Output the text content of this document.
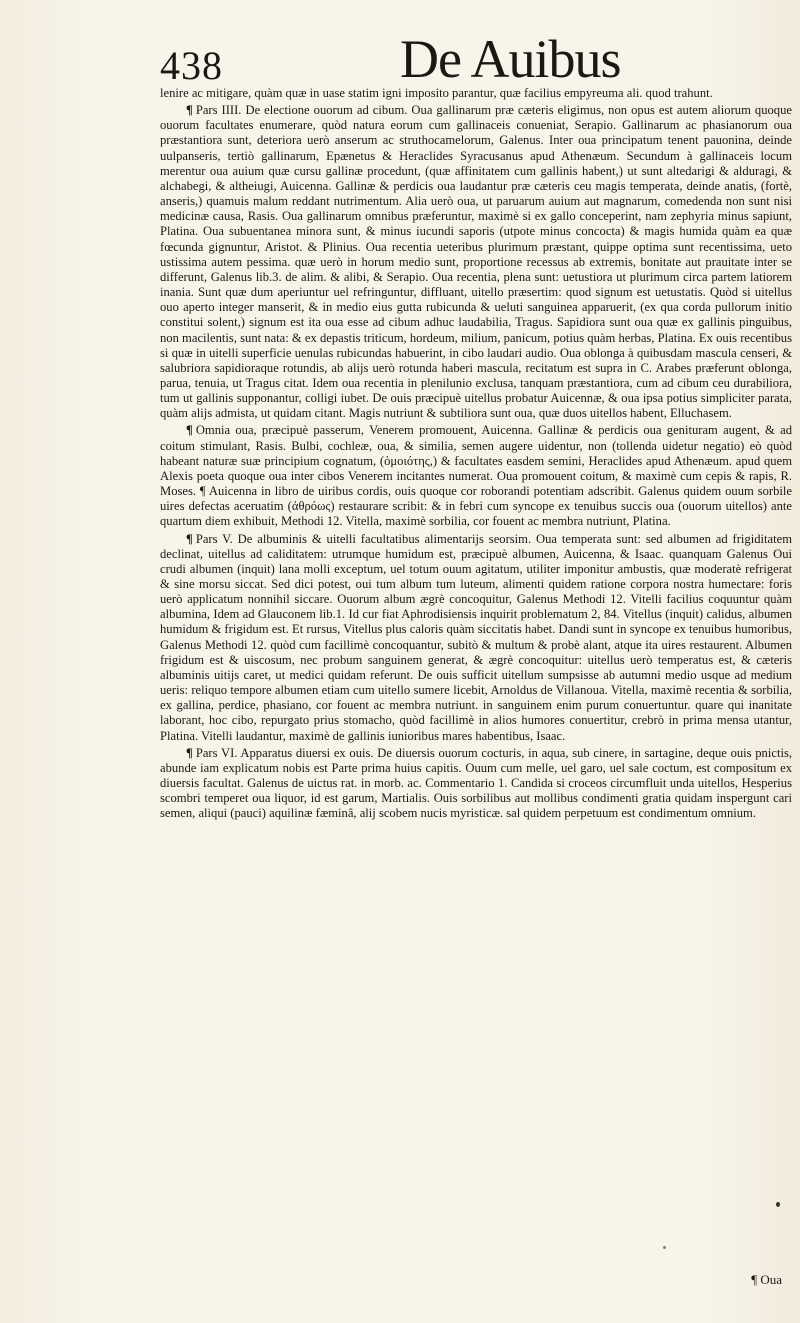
438	De Auibus

lenire ac mitigare, quàm quæ in uase statim igni imposito parantur, quæ facilius empyreuma ali. quod trahunt.

¶ Pars IIII. De electione ouorum ad cibum. Oua gallinarum præ cæteris eligimus, non opus est autem aliorum quoque ouorum facultates enumerare, quòd natura eorum cum gallinaceis conueniat, Serapio. Gallinarum ac phasianorum oua præstantiora sunt, deteriora uerò anserum ac struthocamelorum, Galenus. Inter oua principatum tenent pauonina, deinde uulpanseris, tertiò gallinarum, Epænetus & Heraclides Syracusanus apud Athenæum. Secundum à gallinaceis locum merentur oua auium quæ cursu gallinæ procedunt, (quæ affinitatem cum gallinis habent,) ut sunt altedarigi & alduragi, & alchabegi, & altheiugi, Auicenna. Gallinæ & perdicis oua laudantur præ cæteris ceu magis temperata, deinde anatis, (fortè, anseris,) quamuis malum reddant nutrimentum. Alia uerò oua, ut paruarum auium aut magnarum, comedenda non sunt nisi medicinæ causa, Rasis. Oua gallinarum omnibus præferuntur, maximè si ex gallo conceperint, nam zephyria minus sapiunt, Platina. Oua subuentanea minora sunt, & minus iucundi saporis (utpote minus concocta) & magis humida quàm ea quæ fœcunda gignuntur, Aristot. & Plinius. Oua recentia ueteribus plurimum præstant, quippe optima sunt recentissima, ueto ustissima autem pessima. quæ uerò in horum medio sunt, proportione recessus ab extremis, bonitate aut prauitate inter se differunt, Galenus lib.3. de alim. & alibi, & Serapio. Oua recentia, plena sunt: uetustiora ut plurimum circa partem latiorem inania. Sunt quæ dum aperiuntur uel refringuntur, diffluant, uitello præsertim: quod signum est uetustatis. Quòd si uitellus ouo aperto integer manserit, & in medio eius gutta rubicunda & ueluti sanguinea apparuerit, (ex qua corda pullorum initio constitui solent,) signum est ita oua esse ad cibum adhuc laudabilia, Tragus. Sapidiora sunt oua quæ ex gallinis pinguibus, non macilentis, sunt nata: & ex depastis triticum, hordeum, milium, panicum, potius quàm herbas, Platina. Ex ouis recentibus si quæ in uitelli superficie uenulas rubicundas habuerint, in cibo laudari audio. Oua oblonga à quibusdam mascula censeri, & salubriora sapidioraque rotundis, ab alijs uerò rotunda haberi mascula, recitatum est supra in C. Arabes præferunt oblonga, parua, tenuia, ut Tragus citat. Idem oua recentia in plenilunio exclusa, tanquam præstantiora, cum ad cibum ceu durabiliora, tum ut gallinis supponantur, colligi iubet. De ouis præcipuè uitellus probatur Auicennæ, & oua ipsa potius simpliciter parata, quàm alijs admista, ut quidam citant. Magis nutriunt & subtiliora sunt oua, quæ duos uitellos habent, Elluchasem.

¶ Omnia oua, præcipuè passerum, Venerem promouent, Auicenna. Gallinæ & perdicis oua genituram augent, & ad coitum stimulant, Rasis. Bulbi, cochleæ, oua, & similia, semen augere uidentur, non (tollenda uidetur negatio) eò quòd habeant naturæ suæ principium cognatum, (ὁμοιότης,) & facultates easdem semini, Heraclides apud Athenæum. apud quem Alexis poeta quoque oua inter cibos Venerem incitantes numerat. Oua promouent coitum, & maximè cum cepis & rapis, R. Moses. ¶ Auicenna in libro de uiribus cordis, ouis quoque cor roborandi potentiam adscribit. Galenus quidem ouum sorbile uires defectas aceruatim (ἀθρόως) restaurare scribit: & in febri cum syncope ex tenuibus succis oua (ouorum uitellos) ante quartum diem exhibuit, Methodi 12. Vitella, maximè sorbilia, cor fouent ac membra nutriunt, Platina.

¶ Pars V. De albuminis & uitelli facultatibus alimentarijs seorsim. Oua temperata sunt: sed albumen ad frigiditatem declinat, uitellus ad caliditatem: utrumque humidum est, præcipuè albumen, Auicenna, & Isaac. quanquam Galenus Oui crudi albumen (inquit) lana molli exceptum, uel totum ouum agitatum, utiliter imponitur ambustis, quæ moderatè refrigerat & sine morsu siccat. Sed dici potest, oui tum album tum luteum, alimenti quidem ratione corpora nostra humectare: foris uerò applicatum nonnihil siccare. Ouorum album ægrè concoquitur, Galenus Methodi 12. Vitelli facilius coquuntur quàm albumina, Idem ad Glauconem lib.1. Id cur fiat Aphrodisiensis inquirit problematum 2, 84. Vitellus (inquit) calidus, albumen humidum & frigidum est. Et rursus, Vitellus plus caloris quàm siccitatis habet. Dandi sunt in syncope ex tenuibus humoribus, Galenus Methodi 12. quòd cum facillimè concoquantur, subitò & multum & probè alant, atque ita uires restaurent. Albumen frigidum est & uiscosum, nec probum sanguinem generat, & ægrè concoquitur: uitellus uerò temperatus est, & cæteris albuminis uitijs caret, ut medici quidam referunt. De ouis sufficit uitellum sumpsisse ab autumni medio usque ad medium ueris: reliquo tempore albumen etiam cum uitello sumere licebit, Arnoldus de Villanoua. Vitella, maximè recentia & sorbilia, ex gallina, perdice, phasiano, cor fouent ac membra nutriunt. in sanguinem enim purum conuertuntur. quare qui inanitate laborant, hoc cibo, repurgato prius stomacho, quòd facillimè in alios humores conuertitur, crebrò in prima mensa utantur, Platina. Vitelli laudantur, maximè de gallinis iunioribus mares habentibus, Isaac.

¶ Pars VI. Apparatus diuersi ex ouis. De diuersis ouorum cocturis, in aqua, sub cinere, in sartagine, deque ouis pnictis, abunde iam explicatum nobis est Parte prima huius capitis. Ouum cum melle, uel garo, uel sale coctum, est compositum ex diuersis facultat. Galenus de uictus rat. in morb. ac. Commentario 1. Candida si croceos circumfluit unda uitellos, Hesperius scombri temperet oua liquor, id est garum, Martialis. Ouis sorbilibus aut mollibus condimenti gratia quidam inspergunt cari semen, aliqui (pauci) aquilinæ fæminâ, alij scobem nucis myristicæ. sal quidem perpetuum est condimentum omnium.

¶ Oua
